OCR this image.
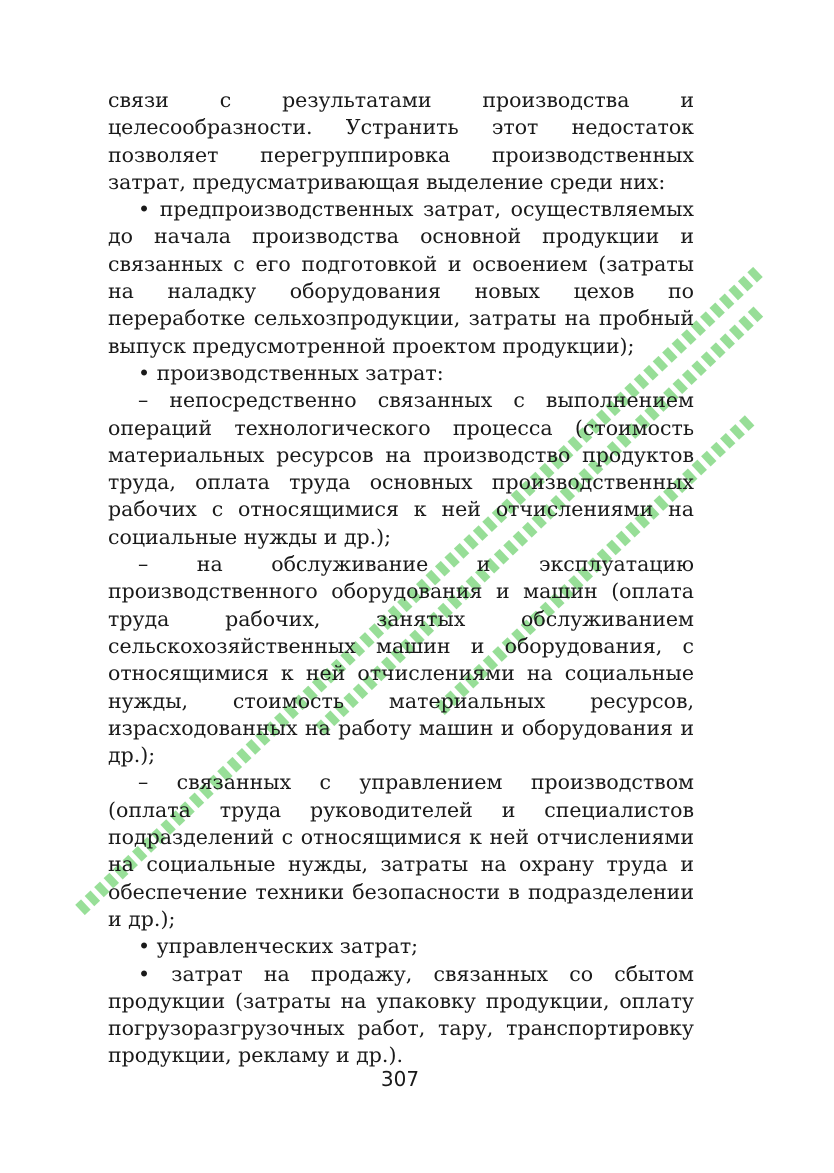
связи с результатами производства и целесообразности. Устранить этот недостаток позволяет перегруппировка производственных затрат, предусматривающая выделение среди них:

• предпроизводственных затрат, осуществляемых до начала производства основной продукции и связанных с его подготовкой и освоением (затраты на наладку оборудования новых цехов по переработке сельхозпродукции, затраты на пробный выпуск предусмотренной проектом продукции);

• производственных затрат:

– непосредственно связанных с выполнением операций технологического процесса (стоимость материальных ресурсов на производство продуктов труда, оплата труда основных производственных рабочих с относящимися к ней отчислениями на социальные нужды и др.);

– на обслуживание и эксплуатацию производственного оборудования и машин (оплата труда рабочих, занятых обслуживанием сельскохозяйственных машин и оборудования, с относящимися к ней отчислениями на социальные нужды, стоимость материальных ресурсов, израсходованных на работу машин и оборудования и др.);

– связанных с управлением производством (оплата труда руководителей и специалистов подразделений с относящимися к ней отчислениями на социальные нужды, затраты на охрану труда и обеспечение техники безопасности в подразделении и др.);

• управленческих затрат;

• затрат на продажу, связанных со сбытом продукции (затраты на упаковку продукции, оплату погрузоразгрузочных работ, тару, транспортировку продукции, рекламу и др.).

307
